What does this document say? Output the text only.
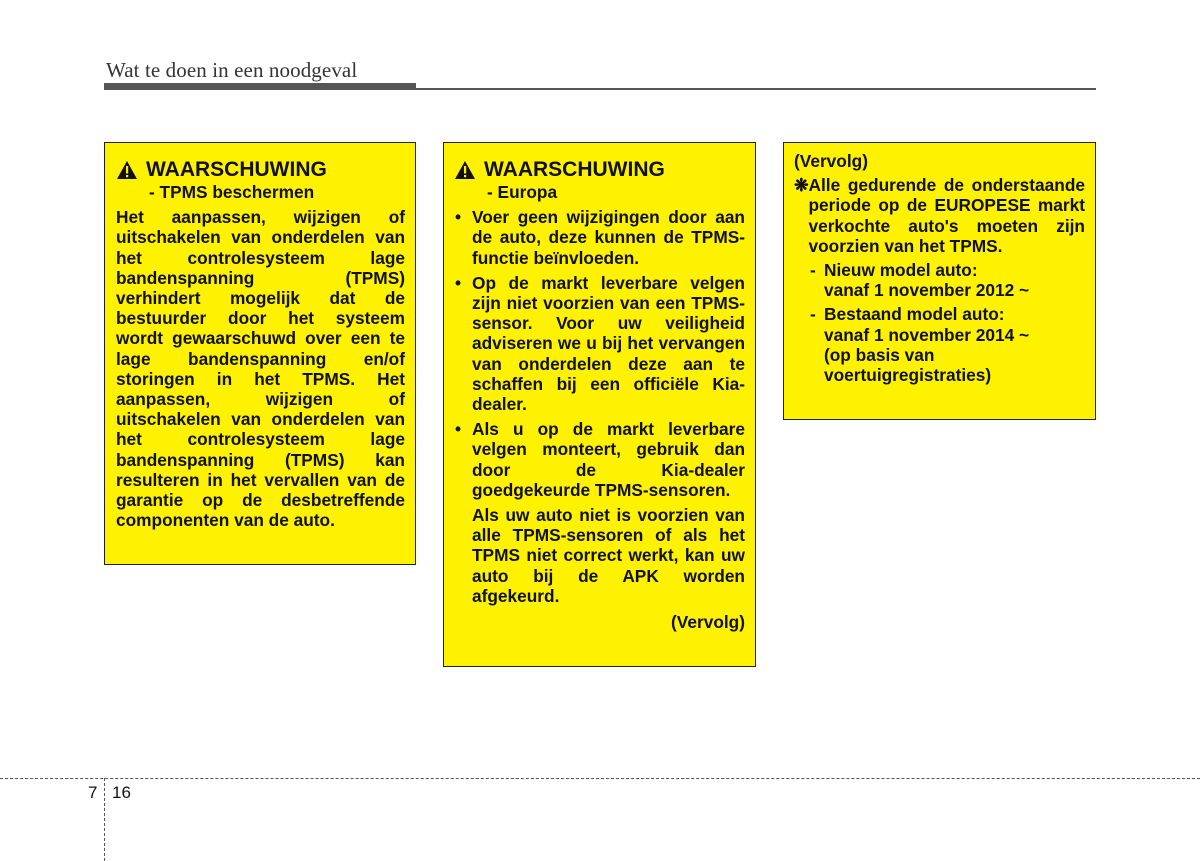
Wat te doen in een noodgeval
WAARSCHUWING
- TPMS beschermen
Het aanpassen, wijzigen of uitschakelen van onderdelen van het controlesysteem lage bandenspanning (TPMS) verhindert mogelijk dat de bestuurder door het systeem wordt gewaarschuwd over een te lage bandenspanning en/of storingen in het TPMS. Het aanpassen, wijzigen of uitschakelen van onderdelen van het controlesysteem lage bandenspanning (TPMS) kan resulteren in het vervallen van de garantie op de desbetreffende componenten van de auto.
WAARSCHUWING
- Europa
• Voer geen wijzigingen door aan de auto, deze kunnen de TPMS-functie beïnvloeden.
• Op de markt leverbare velgen zijn niet voorzien van een TPMS-sensor. Voor uw veiligheid adviseren we u bij het vervangen van onderdelen deze aan te schaffen bij een officiële Kia-dealer.
• Als u op de markt leverbare velgen monteert, gebruik dan door de Kia-dealer goedgekeurde TPMS-sensoren.
Als uw auto niet is voorzien van alle TPMS-sensoren of als het TPMS niet correct werkt, kan uw auto bij de APK worden afgekeurd.
(Vervolg)
(Vervolg)
❋ Alle gedurende de onderstaande periode op de EUROPESE markt verkochte auto's moeten zijn voorzien van het TPMS.
- Nieuw model auto:
vanaf 1 november 2012 ~
- Bestaand model auto:
vanaf 1 november 2014 ~
(op basis van voertuigregistraties)
7 16
